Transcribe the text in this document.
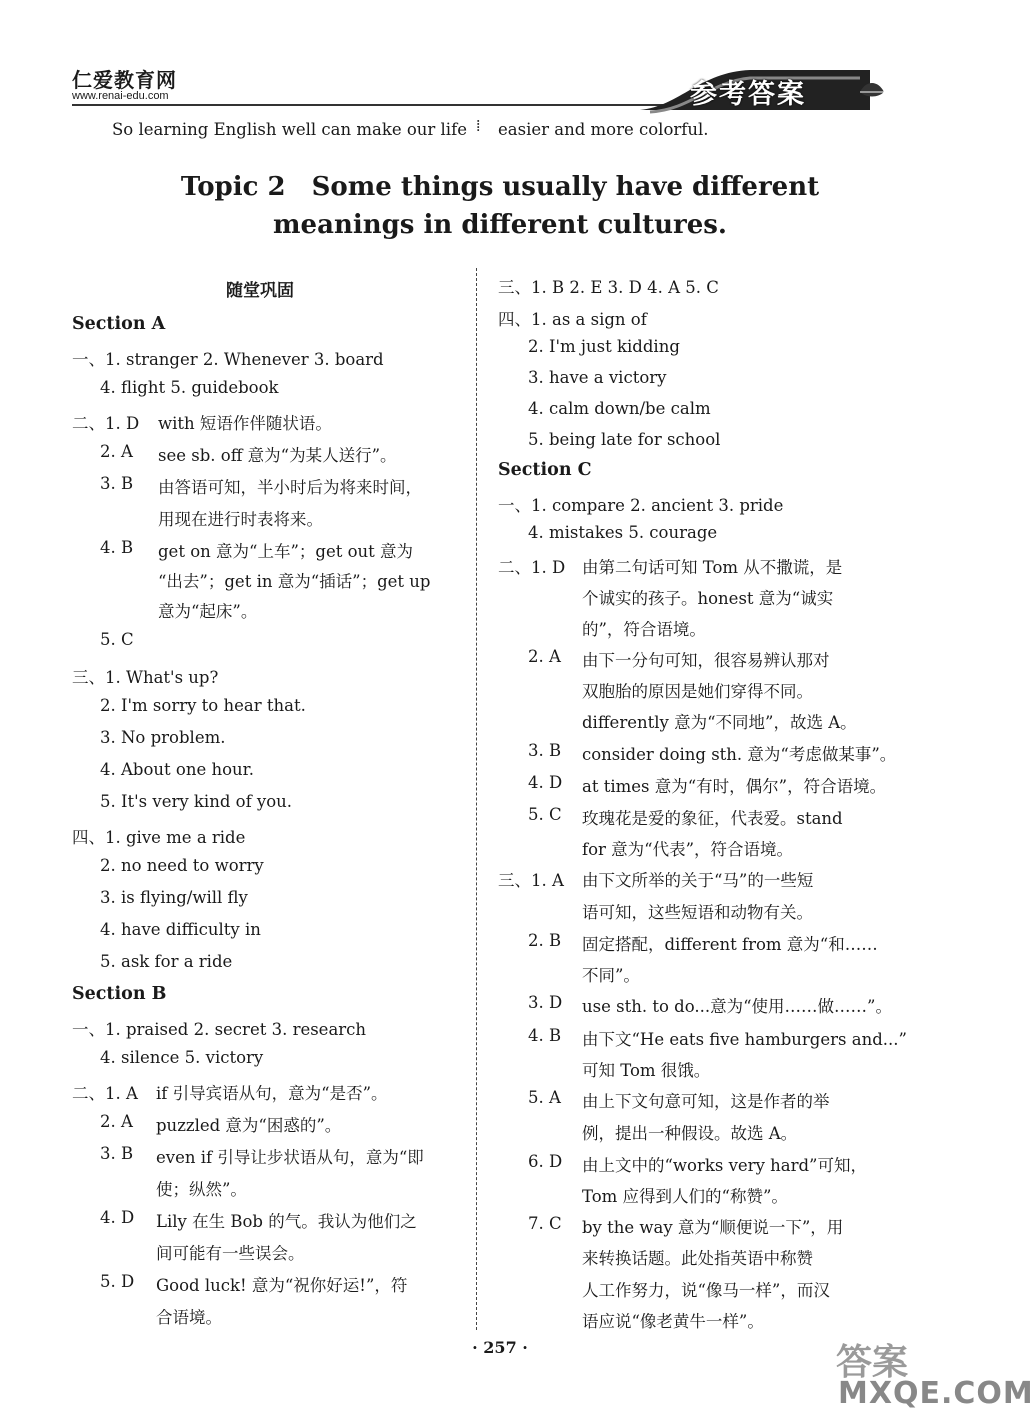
仁爱教育网
www.renai-edu.com	参考答案
So learning English well can make our life ⁞ easier and more colorful.
Topic 2 Some things usually have different
meanings in different cultures.
随堂巩固
Section A
一、1. stranger 2. Whenever 3. board
4. flight 5. guidebook
二、1. D with 短语作伴随状语。
2. A see sb. off 意为“为某人送行”。
3. B 由答语可知，半小时后为将来时间，
用现在进行时表将来。
4. B get on 意为“上车”；get out 意为
“出去”；get in 意为“插话”；get up
意为“起床”。
5. C
三、1. What's up?
2. I'm sorry to hear that.
3. No problem.
4. About one hour.
5. It's very kind of you.
四、1. give me a ride
2. no need to worry
3. is flying/will fly
4. have difficulty in
5. ask for a ride
Section B
一、1. praised 2. secret 3. research
4. silence 5. victory
二、1. A if 引导宾语从句，意为“是否”。
2. A puzzled 意为“困惑的”。
3. B even if 引导让步状语从句，意为“即
使；纵然”。
4. D Lily 在生 Bob 的气。我认为他们之
间可能有一些误会。
5. D Good luck! 意为“祝你好运!”，符
合语境。
三、1. B 2. E 3. D 4. A 5. C
四、1. as a sign of
2. I'm just kidding
3. have a victory
4. calm down/be calm
5. being late for school
Section C
一、1. compare 2. ancient 3. pride
4. mistakes 5. courage
二、1. D 由第二句话可知 Tom 从不撒谎，是
个诚实的孩子。honest 意为“诚实
的”，符合语境。
2. A 由下一分句可知，很容易辨认那对
双胞胎的原因是她们穿得不同。
differently 意为“不同地”，故选 A。
3. B consider doing sth. 意为“考虑做某事”。
4. D at times 意为“有时，偶尔”，符合语境。
5. C 玫瑰花是爱的象征，代表爱。stand
for 意为“代表”，符合语境。
三、1. A 由下文所举的关于“马”的一些短
语可知，这些短语和动物有关。
2. B 固定搭配，different from 意为“和……
不同”。
3. D use sth. to do...意为“使用……做……”。
4. B 由下文“He eats five hamburgers and...”
可知 Tom 很饿。
5. A 由上下文句意可知，这是作者的举
例，提出一种假设。故选 A。
6. D 由上文中的“works very hard”可知，
Tom 应得到人们的“称赞”。
7. C by the way 意为“顺便说一下”，用
来转换话题。此处指英语中称赞
人工作努力，说“像马一样”，而汉
语应说“像老黄牛一样”。
· 257 ·	答案
MXQE.COM
